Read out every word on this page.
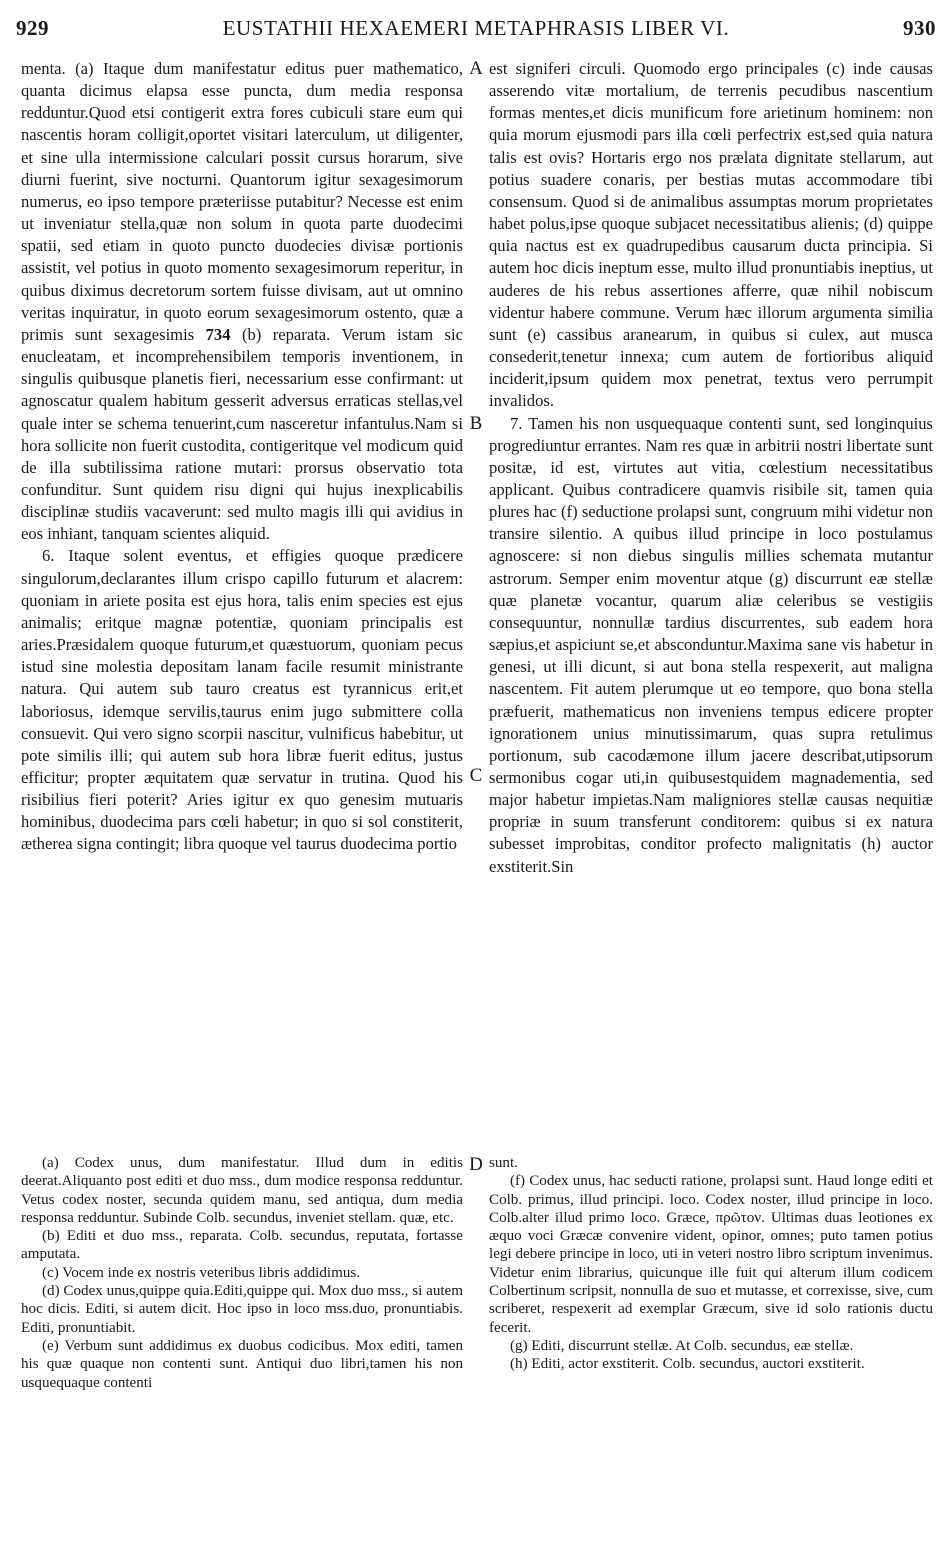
929	EUSTATHII HEXAEMERI METAPHRASIS LIBER VI.	930

menta. (a) Itaque dum manifestatur editus puer mathematico, quanta dicimus elapsa esse puncta, dum media responsa redduntur.Quod etsi contigerit extra fores cubiculi stare eum qui nascentis horam colligit,oportet visitari laterculum, ut diligenter, et sine ulla intermissione calculari possit cursus horarum, sive diurni fuerint, sive nocturni. Quantorum igitur sexagesimorum numerus, eo ipso tempore præteriisse putabitur? Necesse est enim ut inveniatur stella,quæ non solum in quota parte duodecimi spatii, sed etiam in quoto puncto duodecies divisæ portionis assistit, vel potius in quoto momento sexagesimorum reperitur, in quibus diximus decretorum sortem fuisse divisam, aut ut omnino veritas inquiratur, in quoto eorum sexagesimorum ostento, quæ a primis sunt sexagesimis 734 (b) reparata. Verum istam sic enucleatam, et incomprehensibilem temporis inventionem, in singulis quibusque planetis fieri, necessarium esse confirmant: ut agnoscatur qualem habitum gesserit adversus erraticas stellas,vel quale inter se schema tenuerint,cum nasceretur infantulus.Nam si hora sollicite non fuerit custodita, contigeritque vel modicum quid de illa subtilissima ratione mutari: prorsus observatio tota confunditur. Sunt quidem risu digni qui hujus inexplicabilis disciplinæ studiis vacaverunt: sed multo magis illi qui avidius in eos inhiant, tanquam scientes aliquid.

6. Itaque solent eventus, et effigies quoque prædicere singulorum,declarantes illum crispo capillo futurum et alacrem: quoniam in ariete posita est ejus hora, talis enim species est ejus animalis; eritque magnæ potentiæ, quoniam principalis est aries.Præsidalem quoque futurum,et quæstuorum, quoniam pecus istud sine molestia depositam lanam facile resumit ministrante natura. Qui autem sub tauro creatus est tyrannicus erit,et laboriosus, idemque servilis,taurus enim jugo submittere colla consuevit. Qui vero signo scorpii nascitur, vulnificus habebitur, ut pote similis illi; qui autem sub hora libræ fuerit editus, justus efficitur; propter æquitatem quæ servatur in trutina. Quod his risibilius fieri poterit? Aries igitur ex quo genesim mutuaris hominibus, duodecima pars cœli habetur; in quo si sol constiterit, ætherea signa contingit; libra quoque vel taurus duodecima portio

A
B
C
D

est signiferi circuli. Quomodo ergo principales (c) inde causas asserendo vitæ mortalium, de terrenis pecudibus nascentium formas mentes,et dicis munificum fore arietinum hominem: non quia morum ejusmodi pars illa cœli perfectrix est,sed quia natura talis est ovis? Hortaris ergo nos prælata dignitate stellarum, aut potius suadere conaris, per bestias mutas accommodare tibi consensum. Quod si de animalibus assumptas morum proprietates habet polus,ipse quoque subjacet necessitatibus alienis; (d) quippe quia nactus est ex quadrupedibus causarum ducta principia. Si autem hoc dicis ineptum esse, multo illud pronuntiabis ineptius, ut auderes de his rebus assertiones afferre, quæ nihil nobiscum videntur habere commune. Verum hæc illorum argumenta similia sunt (e) cassibus aranearum, in quibus si culex, aut musca consederit,tenetur innexa; cum autem de fortioribus aliquid inciderit,ipsum quidem mox penetrat, textus vero perrumpit invalidos.

7. Tamen his non usquequaque contenti sunt, sed longinquius progrediuntur errantes. Nam res quæ in arbitrii nostri libertate sunt positæ, id est, virtutes aut vitia, cœlestium necessitatibus applicant. Quibus contradicere quamvis risibile sit, tamen quia plures hac (f) seductione prolapsi sunt, congruum mihi videtur non transire silentio. A quibus illud principe in loco postulamus agnoscere: si non diebus singulis millies schemata mutantur astrorum. Semper enim moventur atque (g) discurrunt eæ stellæ quæ planetæ vocantur, quarum aliæ celeribus se vestigiis consequuntur, nonnullæ tardius discurrentes, sub eadem hora sæpius,et aspiciunt se,et absconduntur.Maxima sane vis habetur in genesi, ut illi dicunt, si aut bona stella respexerit, aut maligna nascentem. Fit autem plerumque ut eo tempore, quo bona stella præfuerit, mathematicus non inveniens tempus edicere propter ignorationem unius minutissimarum, quas supra retulimus portionum, sub cacodæmone illum jacere describat,utipsorum sermonibus cogar uti,in quibusestquidem magnadementia, sed major habetur impietas.Nam maligniores stellæ causas nequitiæ propriæ in suum transferunt conditorem: quibus si ex natura subesset improbitas, conditor profecto malignitatis (h) auctor exstiterit.Sin

(a) Codex unus, dum manifestatur. Illud dum in editis deerat.Aliquanto post editi et duo mss., dum modice responsa redduntur. Vetus codex noster, secunda quidem manu, sed antiqua, dum media responsa redduntur. Subinde Colb. secundus, inveniet stellam. quæ, etc.

(b) Editi et duo mss., reparata. Colb. secundus, reputata, fortasse amputata.

(c) Vocem inde ex nostris veteribus libris addidimus.

(d) Codex unus,quippe quia.Editi,quippe qui. Mox duo mss., si autem hoc dicis. Editi, si autem dicit. Hoc ipso in loco mss.duo, pronuntiabis. Editi, pronuntiabit.

(e) Verbum sunt addidimus ex duobus codicibus. Mox editi, tamen his quæ quaque non contenti sunt. Antiqui duo libri,tamen his non usquequaque contenti

sunt.

(f) Codex unus, hac seducti ratione, prolapsi sunt. Haud longe editi et Colb. primus, illud principi. loco. Codex noster, illud principe in loco. Colb.alter illud primo loco. Græce, πρῶτον. Ultimas duas leotiones ex æquo voci Græcæ convenire vident, opinor, omnes; puto tamen potius legi debere principe in loco, uti in veteri nostro libro scriptum invenimus. Videtur enim librarius, quicunque ille fuit qui alterum illum codicem Colbertinum scripsit, nonnulla de suo et mutasse, et correxisse, sive, cum scriberet, respexerit ad exemplar Græcum, sive id solo rationis ductu fecerit.

(g) Editi, discurrunt stellæ. At Colb. secundus, eæ stellæ.

(h) Editi, actor exstiterit. Colb. secundus, auctori exstiterit.
